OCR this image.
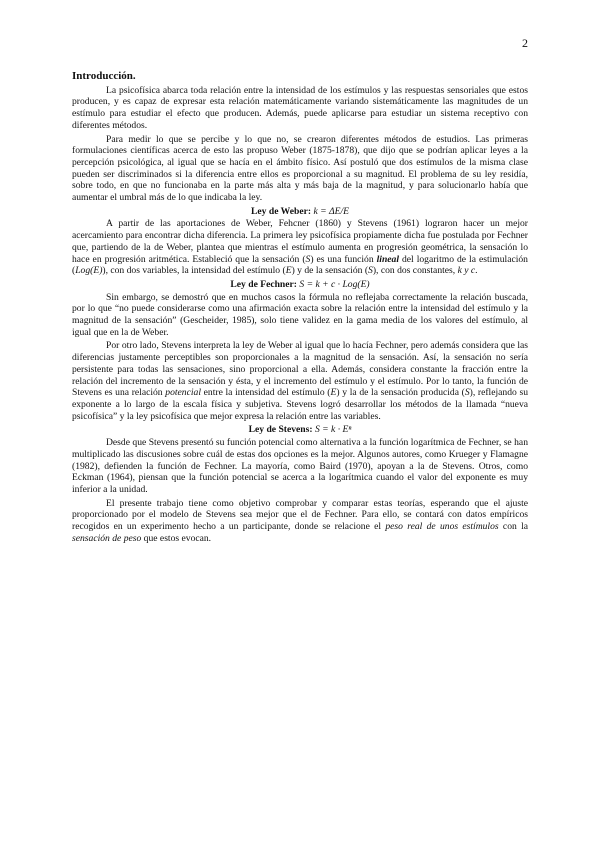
2
Introducción.

La psicofísica abarca toda relación entre la intensidad de los estímulos y las respuestas sensoriales que estos producen, y es capaz de expresar esta relación matemáticamente variando sistemáticamente las magnitudes de un estímulo para estudiar el efecto que producen. Además, puede aplicarse para estudiar un sistema receptivo con diferentes métodos.

Para medir lo que se percibe y lo que no, se crearon diferentes métodos de estudios. Las primeras formulaciones científicas acerca de esto las propuso Weber (1875-1878), que dijo que se podrían aplicar leyes a la percepción psicológica, al igual que se hacía en el ámbito físico. Así postuló que dos estímulos de la misma clase pueden ser discriminados si la diferencia entre ellos es proporcional a su magnitud. El problema de su ley residía, sobre todo, en que no funcionaba en la parte más alta y más baja de la magnitud, y para solucionarlo había que aumentar el umbral más de lo que indicaba la ley.

Ley de Weber: k = ΔE/E

A partir de las aportaciones de Weber, Fehcner (1860) y Stevens (1961) lograron hacer un mejor acercamiento para encontrar dicha diferencia. La primera ley psicofísica propiamente dicha fue postulada por Fechner que, partiendo de la de Weber, plantea que mientras el estímulo aumenta en progresión geométrica, la sensación lo hace en progresión aritmética. Estableció que la sensación (S) es una función lineal del logaritmo de la estimulación (Log(E)), con dos variables, la intensidad del estímulo (E) y de la sensación (S), con dos constantes, k y c.

Ley de Fechner: S = k + c · Log(E)

Sin embargo, se demostró que en muchos casos la fórmula no reflejaba correctamente la relación buscada, por lo que “no puede considerarse como una afirmación exacta sobre la relación entre la intensidad del estímulo y la magnitud de la sensación” (Gescheider, 1985), solo tiene validez en la gama media de los valores del estímulo, al igual que en la de Weber.

Por otro lado, Stevens interpreta la ley de Weber al igual que lo hacía Fechner, pero además considera que las diferencias justamente perceptibles son proporcionales a la magnitud de la sensación. Así, la sensación no sería persistente para todas las sensaciones, sino proporcional a ella. Además, considera constante la fracción entre la relación del incremento de la sensación y ésta, y el incremento del estímulo y el estímulo. Por lo tanto, la función de Stevens es una relación potencial entre la intensidad del estímulo (E) y la de la sensación producida (S), reflejando su exponente a lo largo de la escala física y subjetiva. Stevens logró desarrollar los métodos de la llamada “nueva psicofísica” y la ley psicofísica que mejor expresa la relación entre las variables.

Ley de Stevens: S = k · Eⁿ

Desde que Stevens presentó su función potencial como alternativa a la función logarítmica de Fechner, se han multiplicado las discusiones sobre cuál de estas dos opciones es la mejor. Algunos autores, como Krueger y Flamagne (1982), defienden la función de Fechner. La mayoría, como Baird (1970), apoyan a la de Stevens. Otros, como Eckman (1964), piensan que la función potencial se acerca a la logarítmica cuando el valor del exponente es muy inferior a la unidad.

El presente trabajo tiene como objetivo comprobar y comparar estas teorías, esperando que el ajuste proporcionado por el modelo de Stevens sea mejor que el de Fechner. Para ello, se contará con datos empíricos recogidos en un experimento hecho a un participante, donde se relacione el peso real de unos estímulos con la sensación de peso que estos evocan.
